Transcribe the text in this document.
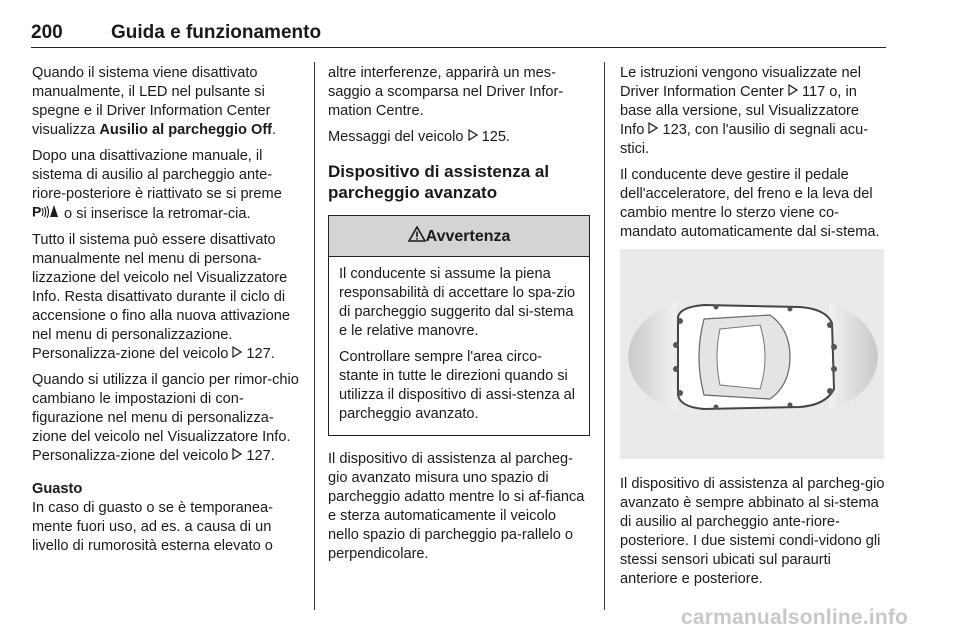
200	Guida e funzionamento

Quando il sistema viene disattivato manualmente, il LED nel pulsante si spegne e il Driver Information Center visualizza Ausilio al parcheggio Off.

Dopo una disattivazione manuale, il sistema di ausilio al parcheggio ante-riore-posteriore è riattivato se si preme
P o si inserisce la retromar-cia.

Tutto il sistema può essere disattivato manualmente nel menu di persona-lizzazione del veicolo nel Visualizzatore Info. Resta disattivato durante il ciclo di accensione o fino alla nuova attivazione nel menu di personalizzazione. Personalizza-zione del veicolo  127.

Quando si utilizza il gancio per rimor-chio cambiano le impostazioni di con-figurazione nel menu di personalizza-zione del veicolo nel Visualizzatore Info. Personalizza-zione del veicolo  127.

Guasto

In caso di guasto o se è temporanea-mente fuori uso, ad es. a causa di un livello di rumorosità esterna elevato o

altre interferenze, apparirà un mes-saggio a scomparsa nel Driver Infor-mation Centre.

Messaggi del veicolo  125.

Dispositivo di assistenza al parcheggio avanzato
Avvertenza

Il conducente si assume la piena responsabilità di accettare lo spa-zio di parcheggio suggerito dal si-stema e le relative manovre.

Controllare sempre l'area circo-stante in tutte le direzioni quando si utilizza il dispositivo di assi-stenza al parcheggio avanzato.

Il dispositivo di assistenza al parcheg-gio avanzato misura uno spazio di parcheggio adatto mentre lo si af-fianca e sterza automaticamente il veicolo nello spazio di parcheggio pa-rallelo o perpendicolare.

Le istruzioni vengono visualizzate nel Driver Information Center  117 o, in base alla versione, sul Visualizzatore Info  123, con l'ausilio di segnali acu-stici.

Il conducente deve gestire il pedale dell'acceleratore, del freno e la leva del cambio mentre lo sterzo viene co-mandato automaticamente dal si-stema.

Il dispositivo di assistenza al parcheg-gio avanzato è sempre abbinato al si-stema di ausilio al parcheggio ante-riore-posteriore. I due sistemi condi-vidono gli stessi sensori ubicati sul paraurti anteriore e posteriore.

carmanualsonline.info
